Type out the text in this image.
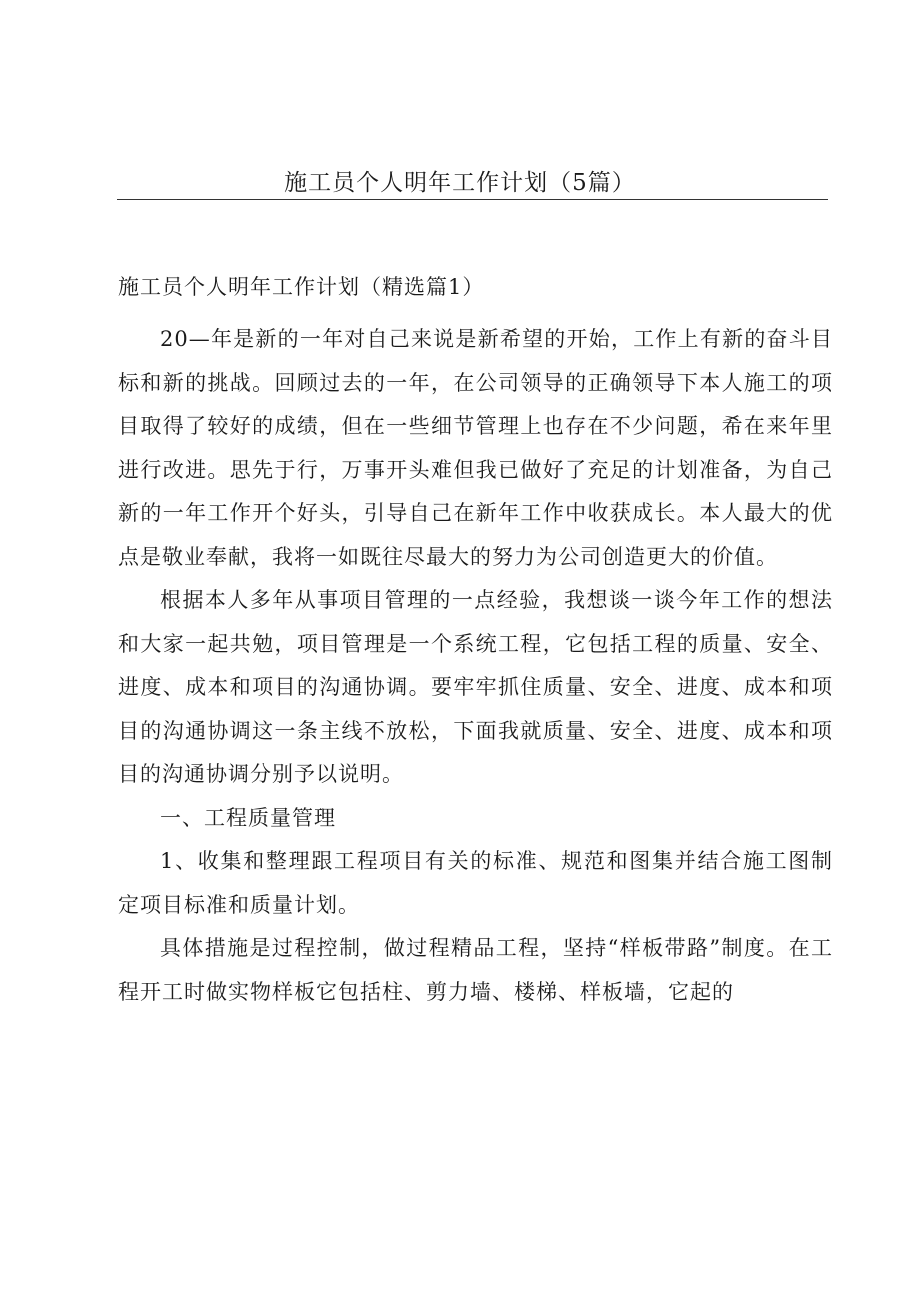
施工员个人明年工作计划（5篇）
施工员个人明年工作计划（精选篇1）

20—年是新的一年对自己来说是新希望的开始，工作上有新的奋斗目标和新的挑战。回顾过去的一年，在公司领导的正确领导下本人施工的项目取得了较好的成绩，但在一些细节管理上也存在不少问题，希在来年里进行改进。思先于行，万事开头难但我已做好了充足的计划准备，为自己新的一年工作开个好头，引导自己在新年工作中收获成长。本人最大的优点是敬业奉献，我将一如既往尽最大的努力为公司创造更大的价值。

根据本人多年从事项目管理的一点经验，我想谈一谈今年工作的想法和大家一起共勉，项目管理是一个系统工程，它包括工程的质量、安全、进度、成本和项目的沟通协调。要牢牢抓住质量、安全、进度、成本和项目的沟通协调这一条主线不放松，下面我就质量、安全、进度、成本和项目的沟通协调分别予以说明。

一、工程质量管理

1、收集和整理跟工程项目有关的标准、规范和图集并结合施工图制定项目标准和质量计划。

具体措施是过程控制，做过程精品工程，坚持“样板带路”制度。在工程开工时做实物样板它包括柱、剪力墙、楼梯、样板墙，它起的
